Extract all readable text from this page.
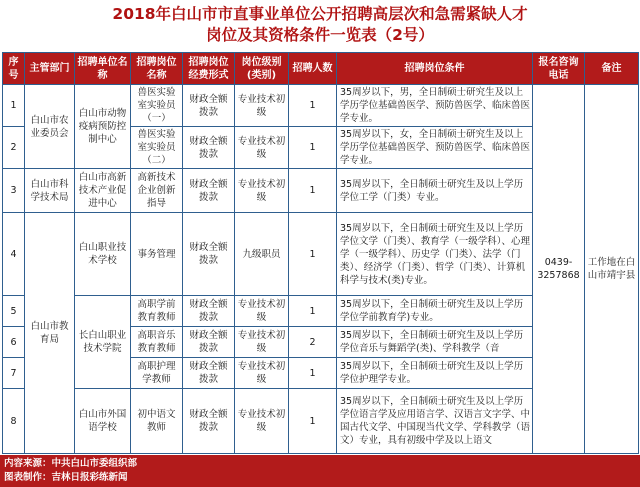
2018年白山市市直事业单位公开招聘高层次和急需紧缺人才
岗位及其资格条件一览表（2号）
序号	主管部门	招聘单位名称	招聘岗位名称	招聘岗位经费形式	岗位级别(类别)	招聘人数	招聘岗位条件	报名咨询电话	备注
1	白山市农业委员会	白山市动物疫病预防控制中心	兽医实验室实验员（一）	财政全额拨款	专业技术初级	1	35周岁以下，男，全日制硕士研究生及以上学历学位基础兽医学、预防兽医学、临床兽医学专业。	0439-3257868	工作地在白山市靖宇县
2			兽医实验室实验员（二）	财政全额拨款	专业技术初级	1	35周岁以下，女，全日制硕士研究生及以上学历学位基础兽医学、预防兽医学、临床兽医学专业。		
3	白山市科学技术局	白山市高新技术产业促进中心	高新技术企业创新指导	财政全额拨款	专业技术初级	1	35周岁以下，全日制硕士研究生及以上学历学位工学（门类）专业。		
4	白山市教育局	白山职业技术学校	事务管理	财政全额拨款	九级职员	1	35周岁以下，全日制硕士研究生及以上学历学位文学（门类）、教育学（一级学科）、心理学（一级学科）、历史学（门类）、法学（门类）、经济学（门类）、哲学（门类）、计算机科学与技术(类)专业。		
5		长白山职业技术学院	高职学前教育教师	财政全额拨款	专业技术初级	1	35周岁以下，全日制硕士研究生及以上学历学位学前教育学)专业。		
6			高职音乐教育教师	财政全额拨款	专业技术初级	2	35周岁以下，全日制硕士研究生及以上学历学位音乐与舞蹈学(类)、学科教学（音		
7			高职护理学教师	财政全额拨款	专业技术初级	1	35周岁以下，全日制硕士研究生及以上学历学位护理学专业。		
8		白山市外国语学校	初中语文教师	财政全额拨款	专业技术初级	1	35周岁以下，全日制硕士研究生及以上学历学位语言学及应用语言学、汉语言文字学、中国古代文学、中国现当代文学、学科教学（语文）专业，具有初级中学及以上语文		
内容来源：中共白山市委组织部
图表制作：吉林日报彩练新闻
